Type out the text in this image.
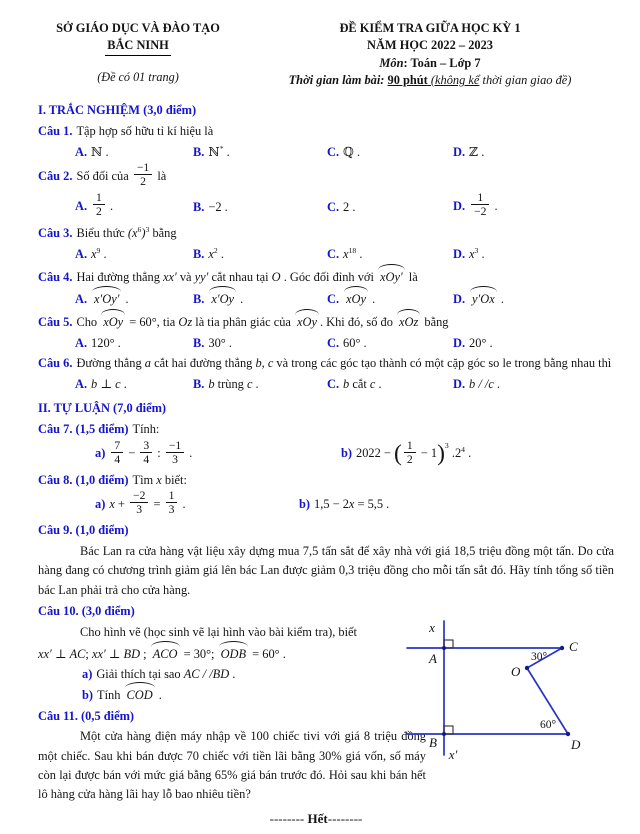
SỞ GIÁO DỤC VÀ ĐÀO TẠO
BẮC NINH
(Đề có 01 trang)
ĐỀ KIỂM TRA GIỮA HỌC KỲ 1
NĂM HỌC 2022 – 2023
Môn: Toán – Lớp 7
Thời gian làm bài: 90 phút (không kể thời gian giao đề)
I. TRẮC NGHIỆM (3,0 điểm)

Câu 1. Tập hợp số hữu tỉ kí hiệu là

A. ℕ .	B. ℕ* .	C. ℚ .	D. ℤ .

Câu 2. Số đối của $\frac{-1}{2}$ là

A. $\frac{1}{2}$ .	B. −2 .	C. 2 .	D. $\frac{1}{-2}$ .

Câu 3. Biểu thức $(x^6)^3$ bằng

A. $x^9$ .	B. $x^2$ .	C. $x^{18}$ .	D. $x^3$ .

Câu 4. Hai đường thẳng xx′ và yy′ cắt nhau tại O . Góc đối đỉnh với xOy′ là

A. x′Oy′ .	B. x′Oy .	C. xOy .	D. y′Ox .

Câu 5. Cho xOy = 60°, tia Oz là tia phân giác của xOy . Khi đó, số đo xOz bằng

A. 120° .	B. 30° .	C. 60° .	D. 20° .

Câu 6. Đường thẳng a cắt hai đường thẳng b, c và trong các góc tạo thành có một cặp góc so le trong bằng nhau thì

A. b ⊥ c .	B. b trùng c .	C. b cắt c .	D. b / /c .
II. TỰ LUẬN (7,0 điểm)

Câu 7. (1,5 điểm) Tính:

$a) \frac{7}{4} - \frac{3}{4}$ : $\frac{-1}{3}$ .	b) 2022 − ( $\frac{1}{2} - 1)^3$ $.2^4$ .

Câu 8. (1,0 điểm) Tìm x biết:

a) $x + \frac{-2}{3} = \frac{1}{3}$ .	b) 1,5 − 2x = 5,5 .

Câu 9. (1,0 điểm)

Bác Lan ra cửa hàng vật liệu xây dựng mua 7,5 tấn sắt để xây nhà với giá 18,5 triệu đồng một tấn. Do cửa hàng đang có chương trình giảm giá lên bác Lan được giảm 0,3 triệu đồng cho mỗi tấn sắt đó. Hãy tính tổng số tiền bác Lan phải trả cho cửa hàng.

Câu 10. (3,0 điểm)

Cho hình vẽ (học sinh vẽ lại hình vào bài kiểm tra), biết

xx′ ⊥ AC; xx′ ⊥ BD ; ACO = 30°; ODB = 60° .

a) Giải thích tại sao AC / /BD .

b) Tính COD .

Câu 11. (0,5 điểm)

Một cửa hàng điện máy nhập về 100 chiếc tivi với giá 8 triệu đồng một chiếc. Sau khi bán được 70 chiếc với tiền lãi bằng 30% giá vốn, số máy còn lại được bán với mức giá bằng 65% giá bán trước đó. Hỏi sau khi bán hết lô hàng cửa hàng lãi hay lỗ bao nhiêu tiền?

-------- Hết--------

x
A
B
x′
C
O
D
30°
60°
